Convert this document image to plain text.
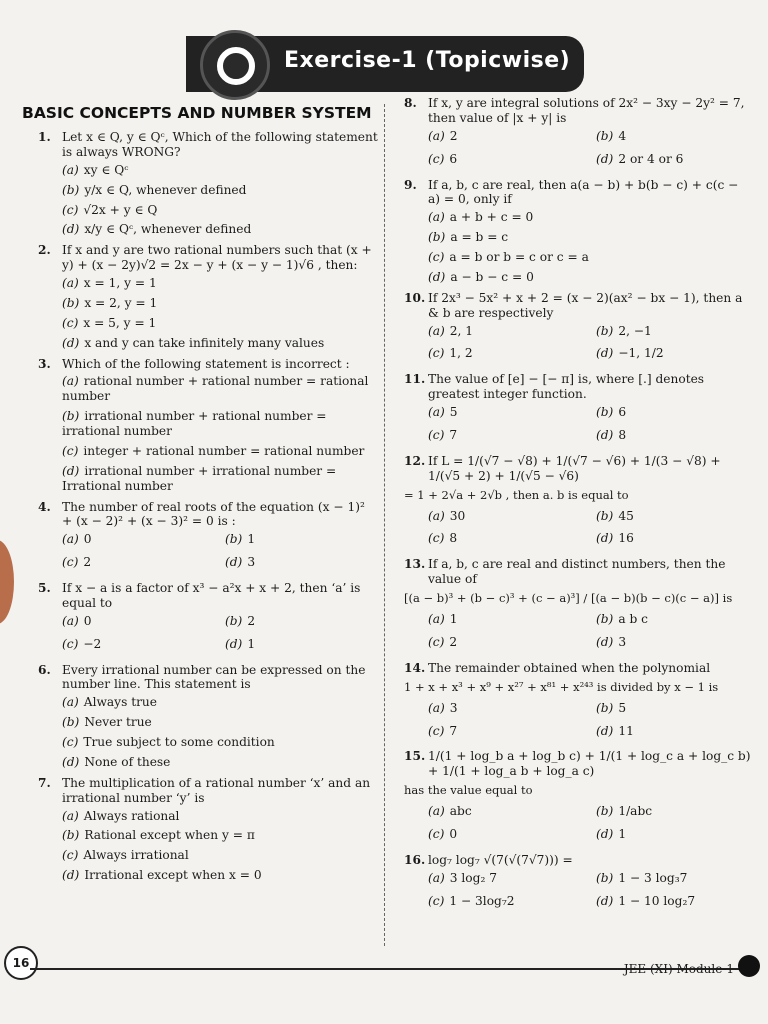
Exercise-1 (Topicwise)
BASIC CONCEPTS AND NUMBER SYSTEM
1. Let x ∈ Q, y ∈ Qᶜ, Which of the following statement is always WRONG?
(a) xy ∈ Qᶜ
(b) y/x ∈ Q, whenever defined
(c) √2x + y ∈ Q
(d) x/y ∈ Qᶜ, whenever defined
2. If x and y are two rational numbers such that (x + y) + (x − 2y)√2 = 2x − y + (x − y − 1)√6 , then:
(a) x = 1, y = 1
(b) x = 2, y = 1
(c) x = 5, y = 1
(d) x and y can take infinitely many values
3. Which of the following statement is incorrect :
(a) rational number + rational number = rational number
(b) irrational number + rational number = irrational number
(c) integer + rational number = rational number
(d) irrational number + irrational number = Irrational number
4. The number of real roots of the equation (x − 1)² + (x − 2)² + (x − 3)² = 0 is :
(a) 0	(b) 1
(c) 2	(d) 3
5. If x − a is a factor of x³ − a²x + x + 2, then ‘a’ is equal to
(a) 0	(b) 2
(c) −2	(d) 1
6. Every irrational number can be expressed on the number line. This statement is
(a) Always true
(b) Never true
(c) True subject to some condition
(d) None of these
7. The multiplication of a rational number ‘x’ and an irrational number ‘y’ is
(a) Always rational
(b) Rational except when y = π
(c) Always irrational
(d) Irrational except when x = 0
8. If x, y are integral solutions of 2x² − 3xy − 2y² = 7, then value of |x + y| is
(a) 2	(b) 4
(c) 6	(d) 2 or 4 or 6
9. If a, b, c are real, then a(a − b) + b(b − c) + c(c − a) = 0, only if
(a) a + b + c = 0
(b) a = b = c
(c) a = b or b = c or c = a
(d) a − b − c = 0
10. If 2x³ − 5x² + x + 2 = (x − 2)(ax² − bx − 1), then a & b are respectively
(a) 2, 1	(b) 2, −1
(c) 1, 2	(d) −1, 1/2
11. The value of [e] − [− π] is, where [.] denotes greatest integer function.
(a) 5	(b) 6
(c) 7	(d) 8
12. If L = 1/(√7 − √8) + 1/(√7 − √6) + 1/(3 − √8) + 1/(√5 + 2) + 1/(√5 − √6)
= 1 + 2√a + 2√b , then a. b is equal to
(a) 30	(b) 45
(c) 8	(d) 16
13. If a, b, c are real and distinct numbers, then the value of
[(a − b)³ + (b − c)³ + (c − a)³] / [(a − b)(b − c)(c − a)] is
(a) 1	(b) a b c
(c) 2	(d) 3
14. The remainder obtained when the polynomial
1 + x + x³ + x⁹ + x²⁷ + x⁸¹ + x²⁴³ is divided by x − 1 is
(a) 3	(b) 5
(c) 7	(d) 11
15. 1/(1 + log_b a + log_b c) + 1/(1 + log_c a + log_c b) + 1/(1 + log_a b + log_a c)
has the value equal to
(a) abc	(b) 1/abc
(c) 0	(d) 1
16. log₇ log₇ √(7(√(7√7))) =
(a) 3 log₂ 7	(b) 1 − 3 log₃7
(c) 1 − 3log₇2	(d) 1 − 10 log₂7
16	JEE (XI) Module-1
